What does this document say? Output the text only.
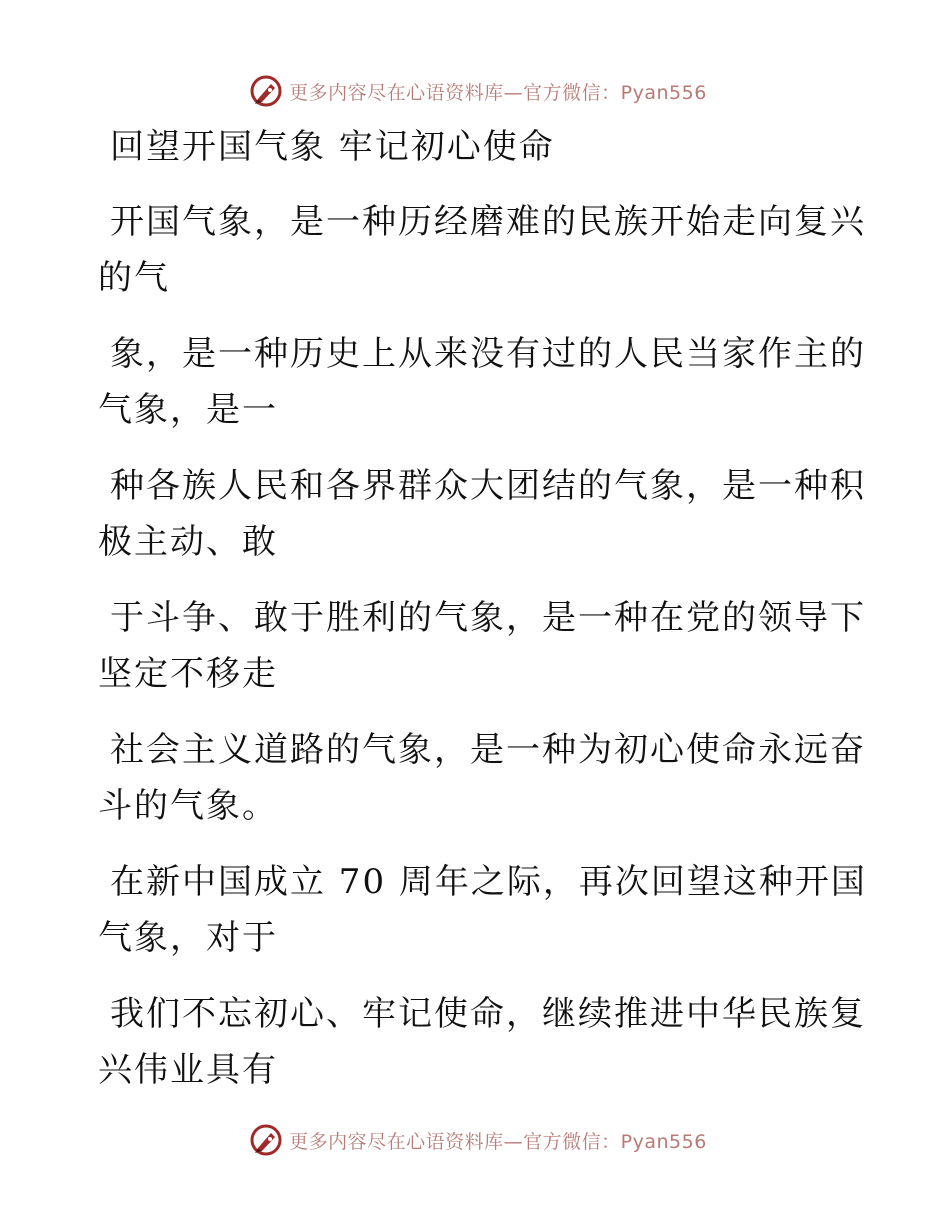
更多内容尽在心语资料库—官方微信：Pyan556
回望开国气象 牢记初心使命
开国气象，是一种历经磨难的民族开始走向复兴
的气
象，是一种历史上从来没有过的人民当家作主的
气象，是一
种各族人民和各界群众大团结的气象，是一种积
极主动、敢
于斗争、敢于胜利的气象，是一种在党的领导下
坚定不移走
社会主义道路的气象，是一种为初心使命永远奋
斗的气象。
在新中国成立 70 周年之际，再次回望这种开国
气象，对于
我们不忘初心、牢记使命，继续推进中华民族复
兴伟业具有
更多内容尽在心语资料库—官方微信：Pyan556
